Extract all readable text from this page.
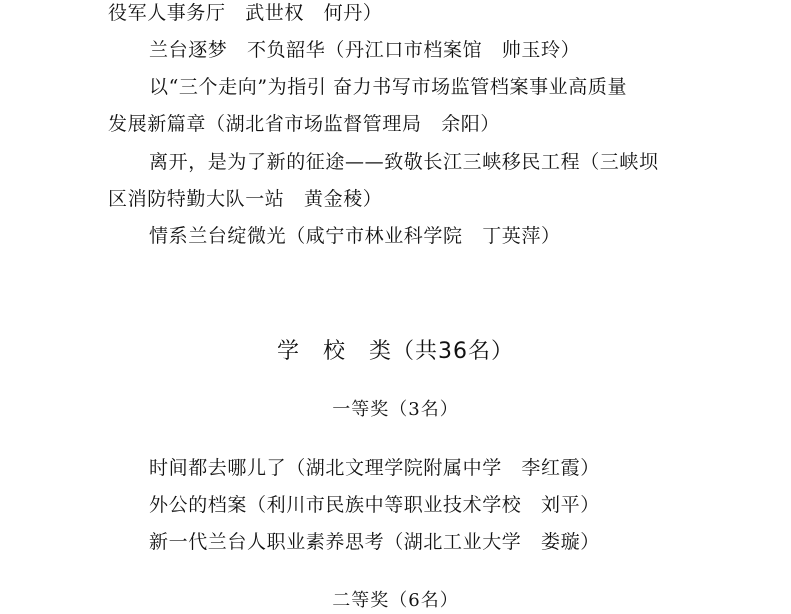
役军人事务厅　武世权　何丹）
兰台逐梦　不负韶华（丹江口市档案馆　帅玉玲）
以“三个走向”为指引 奋力书写市场监管档案事业高质量
发展新篇章（湖北省市场监督管理局　余阳）
离开，是为了新的征途——致敬长江三峡移民工程（三峡坝
区消防特勤大队一站　黄金稜）
情系兰台绽微光（咸宁市林业科学院　丁英萍）
学　校　类（共36名）
一等奖（3名）
时间都去哪儿了（湖北文理学院附属中学　李红霞）
外公的档案（利川市民族中等职业技术学校　刘平）
新一代兰台人职业素养思考（湖北工业大学　娄璇）
二等奖（6名）
